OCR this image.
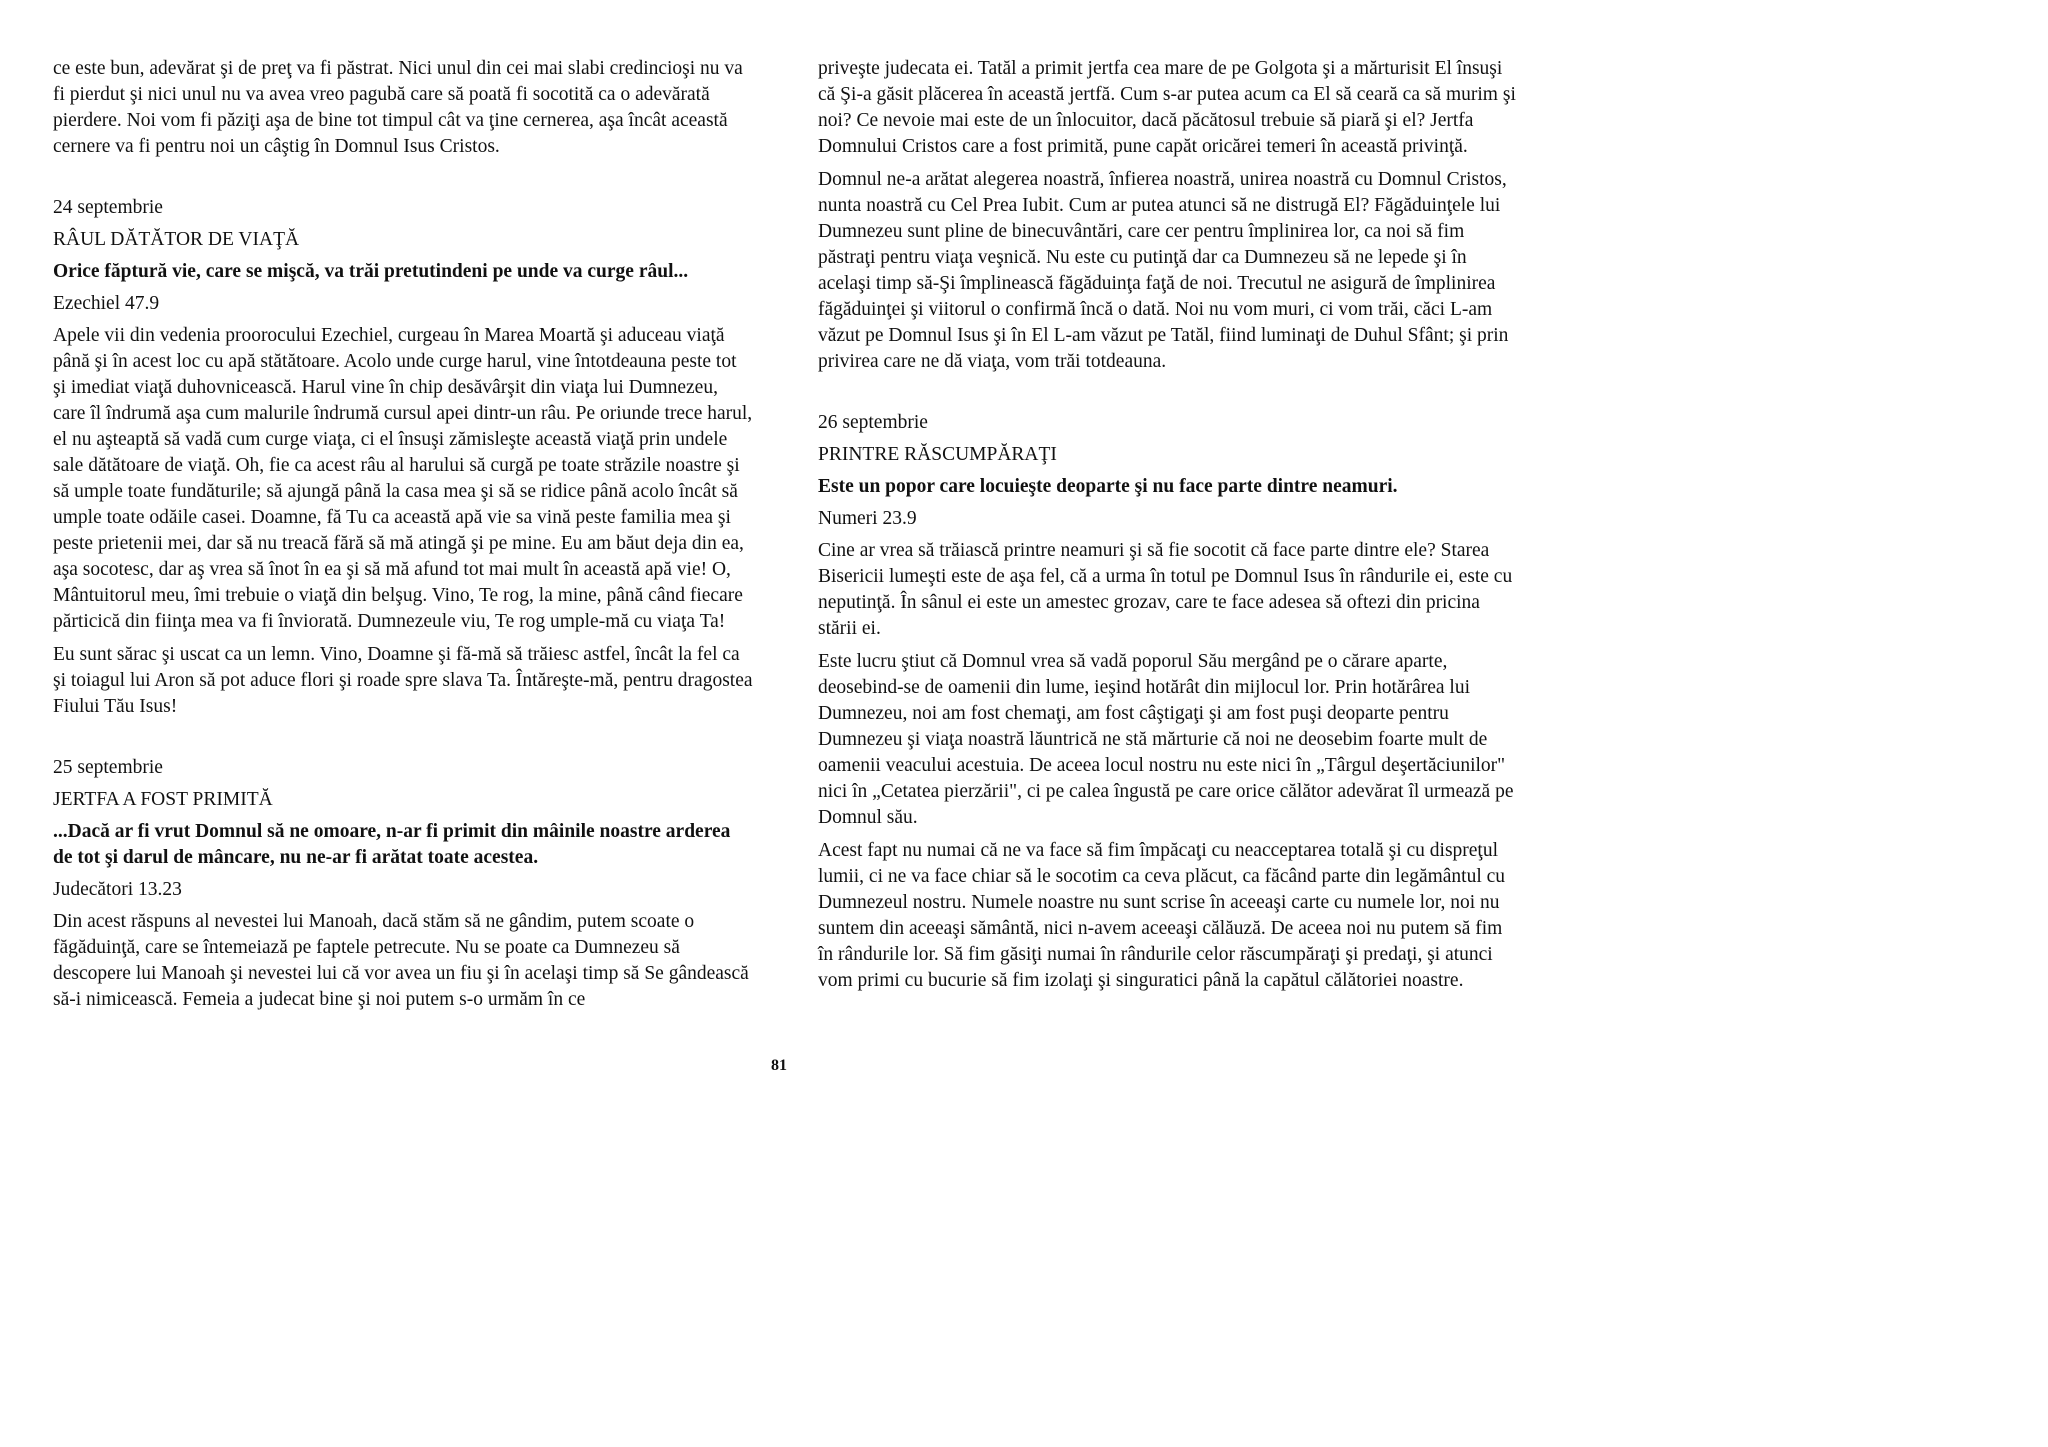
ce este bun, adevărat şi de preţ va fi păstrat. Nici unul din cei mai slabi credincioşi nu va fi pierdut şi nici unul nu va avea vreo pagubă care să poată fi socotită ca o adevărată pierdere. Noi vom fi păziţi aşa de bine tot timpul cât va ţine cernerea, aşa încât această cernere va fi pentru noi un câştig în Domnul Isus Cristos.

24 septembrie

RÂUL DĂTĂTOR DE VIAŢĂ

Orice făptură vie, care se mişcă, va trăi pretutindeni pe unde va curge râul...

Ezechiel 47.9

Apele vii din vedenia proorocului Ezechiel, curgeau în Marea Moartă şi aduceau viaţă până şi în acest loc cu apă stătătoare. Acolo unde curge harul, vine întotdeauna peste tot şi imediat viaţă duhovnicească. Harul vine în chip desăvârşit din viaţa lui Dumnezeu, care îl îndrumă aşa cum malurile îndrumă cursul apei dintr-un râu. Pe oriunde trece harul, el nu aşteaptă să vadă cum curge viaţa, ci el însuşi zămisleşte această viaţă prin undele sale dătătoare de viaţă. Oh, fie ca acest râu al harului să curgă pe toate străzile noastre şi să umple toate fundăturile; să ajungă până la casa mea şi să se ridice până acolo încât să umple toate odăile casei. Doamne, fă Tu ca această apă vie sa vină peste familia mea şi peste prietenii mei, dar să nu treacă fără să mă atingă şi pe mine. Eu am băut deja din ea, aşa socotesc, dar aş vrea să înot în ea şi să mă afund tot mai mult în această apă vie! O, Mântuitorul meu, îmi trebuie o viaţă din belşug. Vino, Te rog, la mine, până când fiecare părticică din fiinţa mea va fi înviorată. Dumnezeule viu, Te rog umple-mă cu viaţa Ta!

Eu sunt sărac şi uscat ca un lemn. Vino, Doamne şi fă-mă să trăiesc astfel, încât la fel ca şi toiagul lui Aron să pot aduce flori şi roade spre slava Ta. Întăreşte-mă, pentru dragostea Fiului Tău Isus!

25 septembrie

JERTFA A FOST PRIMITĂ

...Dacă ar fi vrut Domnul să ne omoare, n-ar fi primit din mâinile noastre arderea de tot şi darul de mâncare, nu ne-ar fi arătat toate acestea.

Judecători 13.23

Din acest răspuns al nevestei lui Manoah, dacă stăm să ne gândim, putem scoate o făgăduinţă, care se întemeiază pe faptele petrecute. Nu se poate ca Dumnezeu să descopere lui Manoah şi nevestei lui că vor avea un fiu şi în acelaşi timp să Se gândească să-i nimicească. Femeia a judecat bine şi noi putem s-o urmăm în ce

priveşte judecata ei. Tatăl a primit jertfa cea mare de pe Golgota şi a mărturisit El însuşi că Şi-a găsit plăcerea în această jertfă. Cum s-ar putea acum ca El să ceară ca să murim şi noi? Ce nevoie mai este de un înlocuitor, dacă păcătosul trebuie să piară şi el? Jertfa Domnului Cristos care a fost primită, pune capăt oricărei temeri în această privinţă.

Domnul ne-a arătat alegerea noastră, înfierea noastră, unirea noastră cu Domnul Cristos, nunta noastră cu Cel Prea Iubit. Cum ar putea atunci să ne distrugă El? Făgăduinţele lui Dumnezeu sunt pline de binecuvântări, care cer pentru împlinirea lor, ca noi să fim păstraţi pentru viaţa veşnică. Nu este cu putinţă dar ca Dumnezeu să ne lepede şi în acelaşi timp să-Şi împlinească făgăduinţa faţă de noi. Trecutul ne asigură de împlinirea făgăduinţei şi viitorul o confirmă încă o dată. Noi nu vom muri, ci vom trăi, căci L-am văzut pe Domnul Isus şi în El L-am văzut pe Tatăl, fiind luminaţi de Duhul Sfânt; şi prin privirea care ne dă viaţa, vom trăi totdeauna.

26 septembrie

PRINTRE RĂSCUMPĂRAŢI

Este un popor care locuieşte deoparte şi nu face parte dintre neamuri.

Numeri 23.9

Cine ar vrea să trăiască printre neamuri şi să fie socotit că face parte dintre ele? Starea Bisericii lumeşti este de aşa fel, că a urma în totul pe Domnul Isus în rândurile ei, este cu neputinţă. În sânul ei este un amestec grozav, care te face adesea să oftezi din pricina stării ei.

Este lucru ştiut că Domnul vrea să vadă poporul Său mergând pe o cărare aparte, deosebind-se de oamenii din lume, ieşind hotărât din mijlocul lor. Prin hotărârea lui Dumnezeu, noi am fost chemaţi, am fost câştigaţi şi am fost puşi deoparte pentru Dumnezeu şi viaţa noastră lăuntrică ne stă mărturie că noi ne deosebim foarte mult de oamenii veacului acestuia. De aceea locul nostru nu este nici în „Târgul deşertăciunilor" nici în „Cetatea pierzării", ci pe calea îngustă pe care orice călător adevărat îl urmează pe Domnul său.

Acest fapt nu numai că ne va face să fim împăcaţi cu neacceptarea totală şi cu dispreţul lumii, ci ne va face chiar să le socotim ca ceva plăcut, ca făcând parte din legământul cu Dumnezeul nostru. Numele noastre nu sunt scrise în aceeaşi carte cu numele lor, noi nu suntem din aceeaşi sământă, nici n-avem aceeaşi călăuză. De aceea noi nu putem să fim în rândurile lor. Să fim găsiţi numai în rândurile celor răscumpăraţi şi predaţi, şi atunci vom primi cu bucurie să fim izolaţi şi singuratici până la capătul călătoriei noastre.

81
